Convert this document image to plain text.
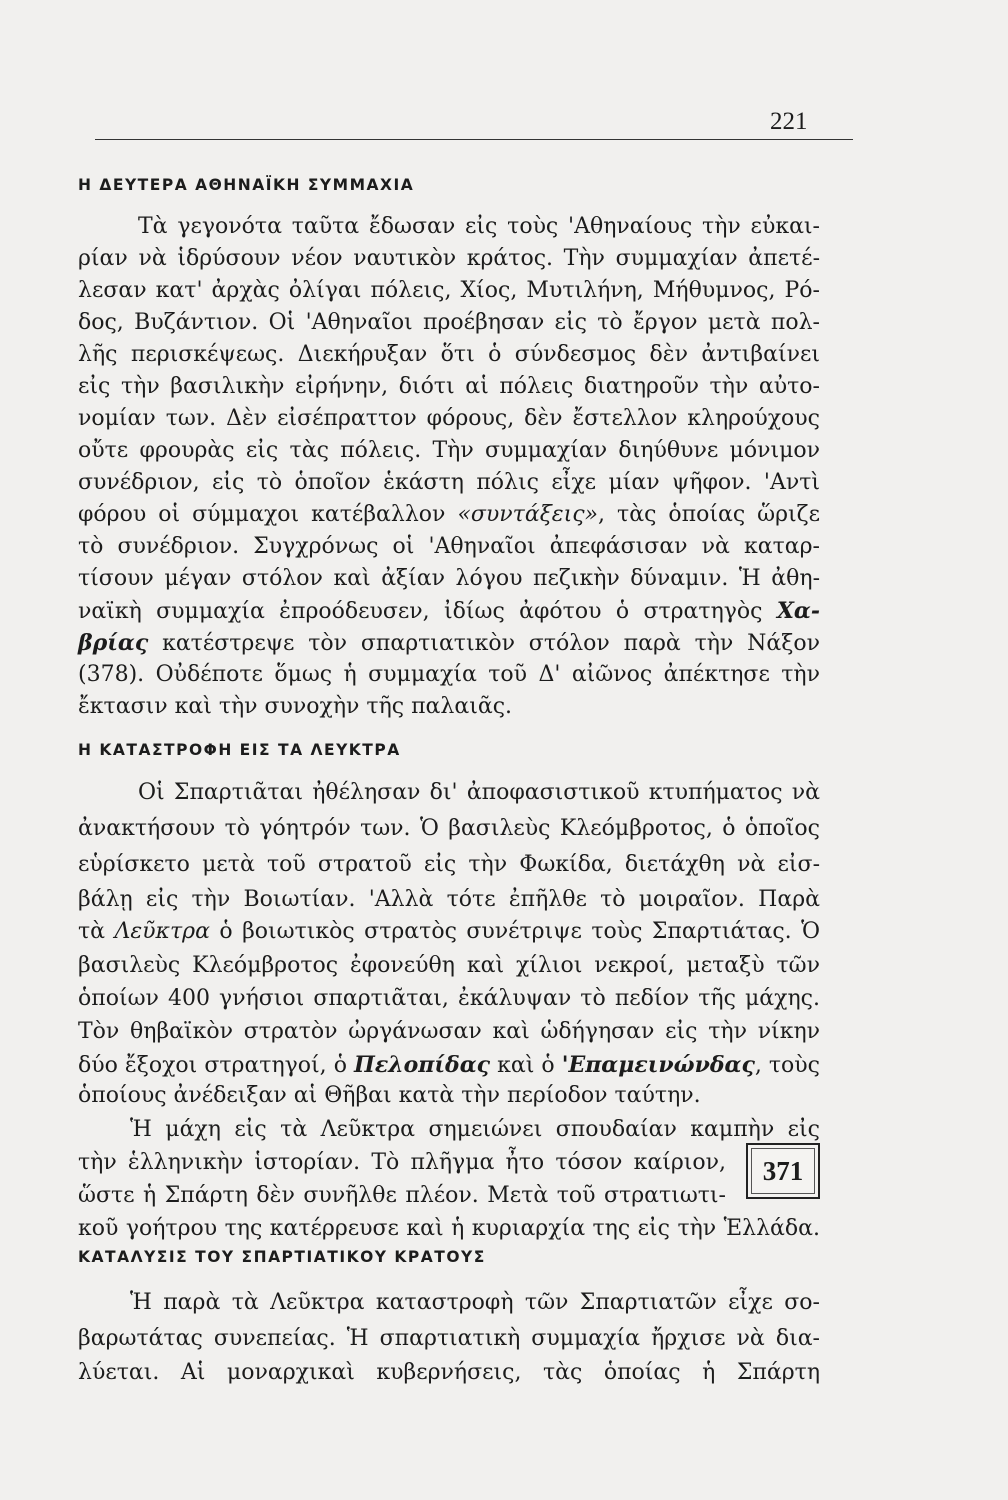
221
Η ΔΕΥΤΕΡΑ ΑΘΗΝΑΪΚΗ ΣΥΜΜΑΧΙΑ
Τὰ γεγονότα ταῦτα ἔδωσαν εἰς τοὺς 'Αθηναίους τὴν εὐκαι-
ρίαν νὰ ἱδρύσουν νέον ναυτικὸν κράτος. Τὴν συμμαχίαν ἀπετέ-
λεσαν κατ' ἀρχὰς ὀλίγαι πόλεις, Χίος, Μυτιλήνη, Μήθυμνος, Ρό-
δος, Βυζάντιον. Οἱ 'Αθηναῖοι προέβησαν εἰς τὸ ἔργον μετὰ πολ-
λῆς περισκέψεως. Διεκήρυξαν ὅτι ὁ σύνδεσμος δὲν ἀντιβαίνει
εἰς τὴν βασιλικὴν εἰρήνην, διότι αἱ πόλεις διατηροῦν τὴν αὐτο-
νομίαν των. Δὲν εἰσέπραττον φόρους, δὲν ἔστελλον κληρούχους
οὔτε φρουρὰς εἰς τὰς πόλεις. Τὴν συμμαχίαν διηύθυνε μόνιμον
συνέδριον, εἰς τὸ ὁποῖον ἑκάστη πόλις εἶχε μίαν ψῆφον. 'Αντὶ
φόρου οἱ σύμμαχοι κατέβαλλον «συντάξεις», τὰς ὁποίας ὥριζε
τὸ συνέδριον. Συγχρόνως οἱ 'Αθηναῖοι ἀπεφάσισαν νὰ καταρ-
τίσουν μέγαν στόλον καὶ ἀξίαν λόγου πεζικὴν δύναμιν. Ἡ ἀθη-
ναϊκὴ συμμαχία ἐπροόδευσεν, ἰδίως ἀφότου ὁ στρατηγὸς Χα-
βρίας κατέστρεψε τὸν σπαρτιατικὸν στόλον παρὰ τὴν Νάξον
(378). Οὐδέποτε ὅμως ἡ συμμαχία τοῦ Δ' αἰῶνος ἀπέκτησε τὴν
ἔκτασιν καὶ τὴν συνοχὴν τῆς παλαιᾶς.
Η ΚΑΤΑΣΤΡΟΦΗ ΕΙΣ ΤΑ ΛΕΥΚΤΡΑ
Οἱ Σπαρτιᾶται ἠθέλησαν δι' ἀποφασιστικοῦ κτυπήματος νὰ
ἀνακτήσουν τὸ γόητρόν των. Ὁ βασιλεὺς Κλεόμβροτος, ὁ ὁποῖος
εὑρίσκετο μετὰ τοῦ στρατοῦ εἰς τὴν Φωκίδα, διετάχθη νὰ εἰσ-
βάλῃ εἰς τὴν Βοιωτίαν. 'Αλλὰ τότε ἐπῆλθε τὸ μοιραῖον. Παρὰ
τὰ Λεῦκτρα ὁ βοιωτικὸς στρατὸς συνέτριψε τοὺς Σπαρτιάτας. Ὁ
βασιλεὺς Κλεόμβροτος ἐφονεύθη καὶ χίλιοι νεκροί, μεταξὺ τῶν
ὁποίων 400 γνήσιοι σπαρτιᾶται, ἐκάλυψαν τὸ πεδίον τῆς μάχης.
Τὸν θηβαϊκὸν στρατὸν ὠργάνωσαν καὶ ὡδήγησαν εἰς τὴν νίκην
δύο ἔξοχοι στρατηγοί, ὁ Πελοπίδας καὶ ὁ 'Επαμεινώνδας, τοὺς
ὁποίους ἀνέδειξαν αἱ Θῆβαι κατὰ τὴν περίοδον ταύτην.
Ἡ μάχη εἰς τὰ Λεῦκτρα σημειώνει σπουδαίαν καμπὴν εἰς
τὴν ἑλληνικὴν ἱστορίαν. Τὸ πλῆγμα ἦτο τόσον καίριον,
ὥστε ἡ Σπάρτη δὲν συνῆλθε πλέον. Μετὰ τοῦ στρατιωτι-
κοῦ γοήτρου της κατέρρευσε καὶ ἡ κυριαρχία της εἰς τὴν Ἑλλάδα.
371
ΚΑΤΑΛΥΣΙΣ ΤΟΥ ΣΠΑΡΤΙΑΤΙΚΟΥ ΚΡΑΤΟΥΣ
Ἡ παρὰ τὰ Λεῦκτρα καταστροφὴ τῶν Σπαρτιατῶν εἶχε σο-
βαρωτάτας συνεπείας. Ἡ σπαρτιατικὴ συμμαχία ἤρχισε νὰ δια-
λύεται. Αἱ μοναρχικαὶ κυβερνήσεις, τὰς ὁποίας ἡ Σπάρτη
